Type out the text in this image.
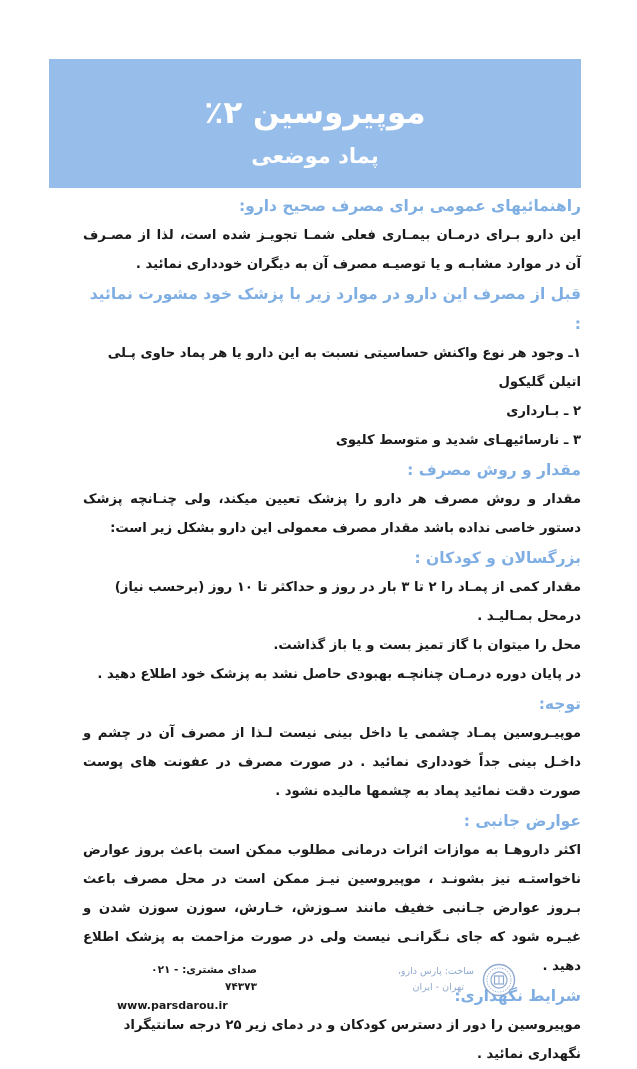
موپیروسین ۲٪
پماد موضعی
راهنمائیهای عمومی برای مصرف صحیح دارو:
این دارو بـرای درمـان بیمـاری فعلی شمـا تجویـز شده است، لذا از مصـرف آن در موارد مشابـه و یا توصیـه مصرف آن به دیگران خودداری نمائید .
قبل از مصرف این دارو در موارد زیر با پزشک خود مشورت نمائید :
۱ـ وجود هر نوع واکنش حساسیتی نسبت به این دارو یا هر پماد حاوی پـلی اتیلن گلیکول
۲ ـ بـارداری
۳ ـ نارسائیهـای شدید و متوسط کلیوی
مقدار و روش مصرف :
مقدار و روش مصرف هر دارو را پزشک تعیین میکند، ولی چنـانچه پزشک دستور خاصی نداده باشد مقدار مصرف معمولی این دارو بشکل زیر است:
بزرگسالان و کودکان :
مقدار کمی از پمـاد را ۲ تا ۳ بار در روز و حداکثر تا ۱۰ روز (برحسب نیاز) درمحل بمـالیـد .
محل را میتوان با گاز تمیز بست و یا باز گذاشت.
در پایان دوره درمـان چنانچـه بهبودی حاصل نشد به پزشک خود اطلاع دهید .
توجه:
موپیـروسین پمـاد چشمی یا داخل بینی نیست لـذا از مصرف آن در چشم و داخـل بینی جداً خودداری نمائید . در صورت مصرف در عفونت های پوست صورت دقت نمائید پماد به چشمها مالیده نشود .
عوارض جانبی :
اکثر داروهـا به موازات اثرات درمانی مطلوب ممکن است باعث بروز عوارض ناخواستـه نیز بشونـد ، موپیروسین نیـز ممکن است در محل مصرف باعث بـروز عوارض جـانبی خفیف مانند سـوزش، خـارش، سوزن سوزن شدن و غیـره شود که جای نـگرانـی نیست ولی در صورت مزاحمت به پزشک اطلاع دهید .
شرایط نگهداری:
موپیروسین را دور از دسترس کودکان و در دمای زیر ۲۵ درجه سانتیگراد نگهداری نمائید .
صدای مشتری: ۰۲۱ - ۷۴۳۷۳
www.parsdarou.ir
ساخت: پارس دارو،
تهران - ایران
